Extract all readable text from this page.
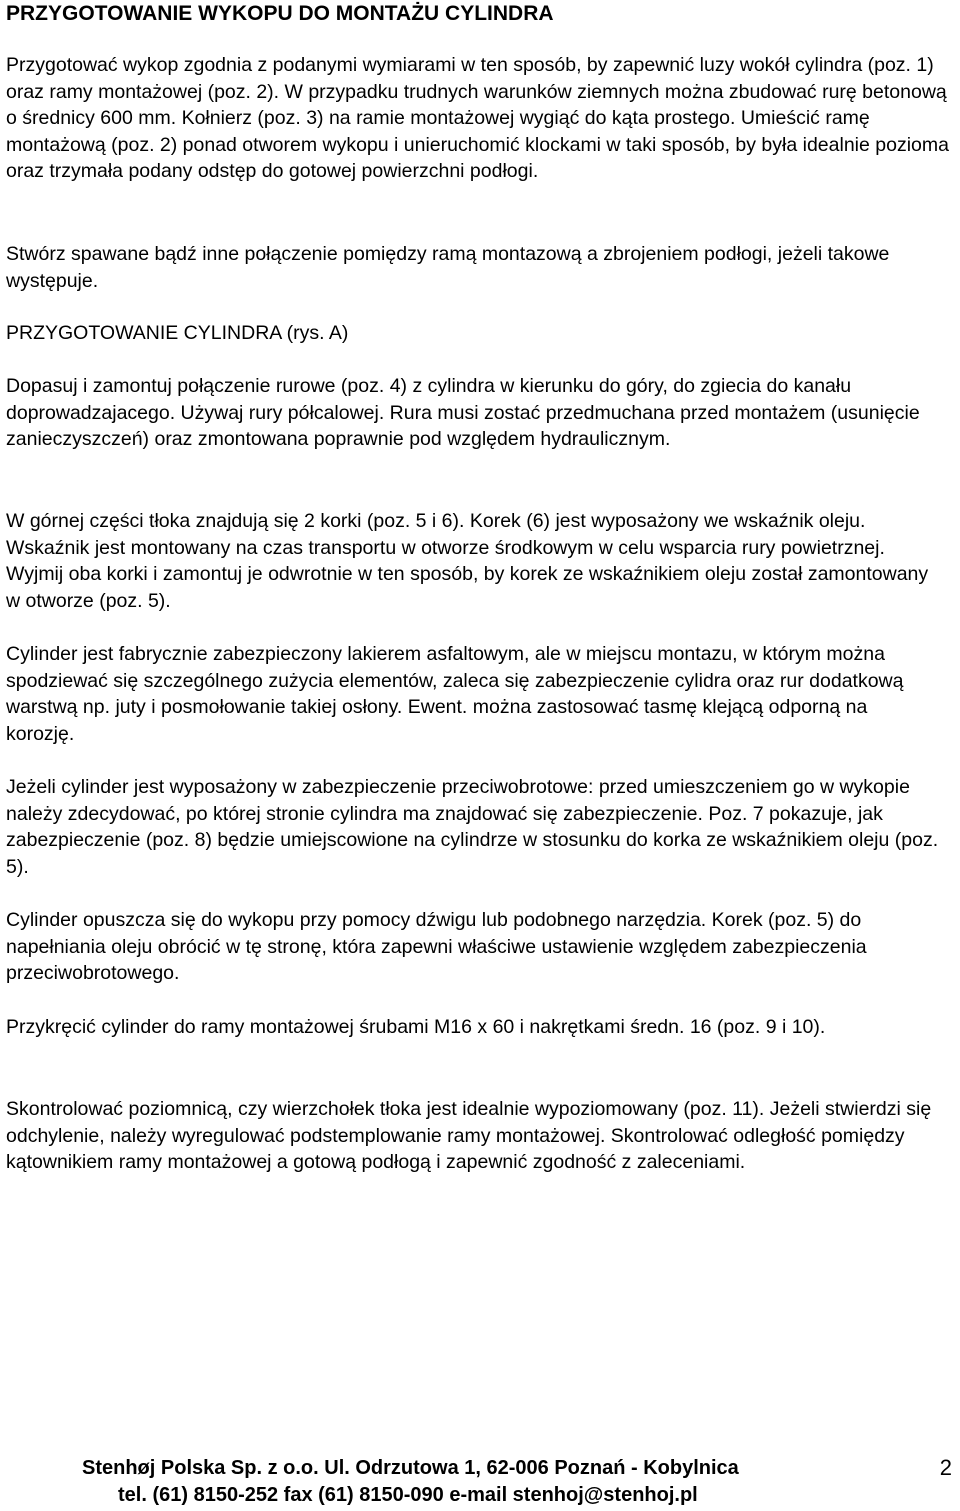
PRZYGOTOWANIE WYKOPU DO MONTAŻU CYLINDRA
Przygotować wykop zgodnia z podanymi wymiarami w ten sposób, by zapewnić luzy wokół cylindra (poz. 1) oraz ramy montażowej (poz. 2). W przypadku trudnych warunków ziemnych można zbudować rurę betonową o średnicy 600 mm. Kołnierz (poz. 3) na ramie montażowej wygiąć do kąta prostego. Umieścić ramę montażową (poz. 2) ponad otworem wykopu i unieruchomić klockami w taki sposób, by była idealnie pozioma oraz trzymała podany odstęp do gotowej powierzchni podłogi.
Stwórz spawane bądź inne połączenie pomiędzy ramą montazową a zbrojeniem podłogi, jeżeli takowe występuje.
PRZYGOTOWANIE CYLINDRA (rys. A)
Dopasuj i zamontuj połączenie rurowe (poz. 4) z cylindra w kierunku do góry, do zgiecia do kanału doprowadzajacego. Używaj rury półcalowej. Rura musi zostać przedmuchana przed montażem (usunięcie zanieczyszczeń) oraz zmontowana poprawnie pod względem hydraulicznym.
W górnej części tłoka znajdują się 2 korki (poz. 5 i 6). Korek (6) jest wyposażony we wskaźnik oleju. Wskaźnik jest montowany na czas transportu w otworze środkowym w celu wsparcia rury powietrznej. Wyjmij oba korki i zamontuj je odwrotnie w ten sposób, by korek ze wskaźnikiem oleju został zamontowany w otworze (poz. 5).
Cylinder jest fabrycznie zabezpieczony lakierem asfaltowym, ale w miejscu montazu, w którym można spodziewać się szczególnego zużycia elementów, zaleca się zabezpieczenie cylidra oraz rur dodatkową warstwą np. juty i posmołowanie takiej osłony. Ewent. można zastosować tasmę klejącą odporną na korozję.
Jeżeli cylinder jest wyposażony w zabezpieczenie przeciwobrotowe: przed umieszczeniem go w wykopie należy zdecydować, po której stronie cylindra ma znajdować się zabezpieczenie. Poz. 7 pokazuje, jak zabezpieczenie (poz. 8) będzie umiejscowione na cylindrze w stosunku do korka ze wskaźnikiem oleju (poz. 5).
Cylinder opuszcza się do wykopu przy pomocy dźwigu lub podobnego narzędzia. Korek (poz. 5) do napełniania oleju obrócić w tę stronę, która zapewni właściwe ustawienie względem zabezpieczenia przeciwobrotowego.
Przykręcić cylinder do ramy montażowej śrubami M16 x 60 i nakrętkami średn. 16 (poz. 9 i 10).
Skontrolować poziomnicą, czy wierzchołek tłoka jest idealnie wypoziomowany (poz. 11). Jeżeli stwierdzi się odchylenie, należy wyregulować podstemplowanie ramy montażowej. Skontrolować odległość pomiędzy kątownikiem ramy montażowej a gotową podłogą i zapewnić zgodność z zaleceniami.
Stenhøj Polska Sp. z o.o. Ul. Odrzutowa 1, 62-006 Poznań - Kobylnica
tel. (61) 8150-252 fax (61) 8150-090 e-mail stenhoj@stenhoj.pl
2
